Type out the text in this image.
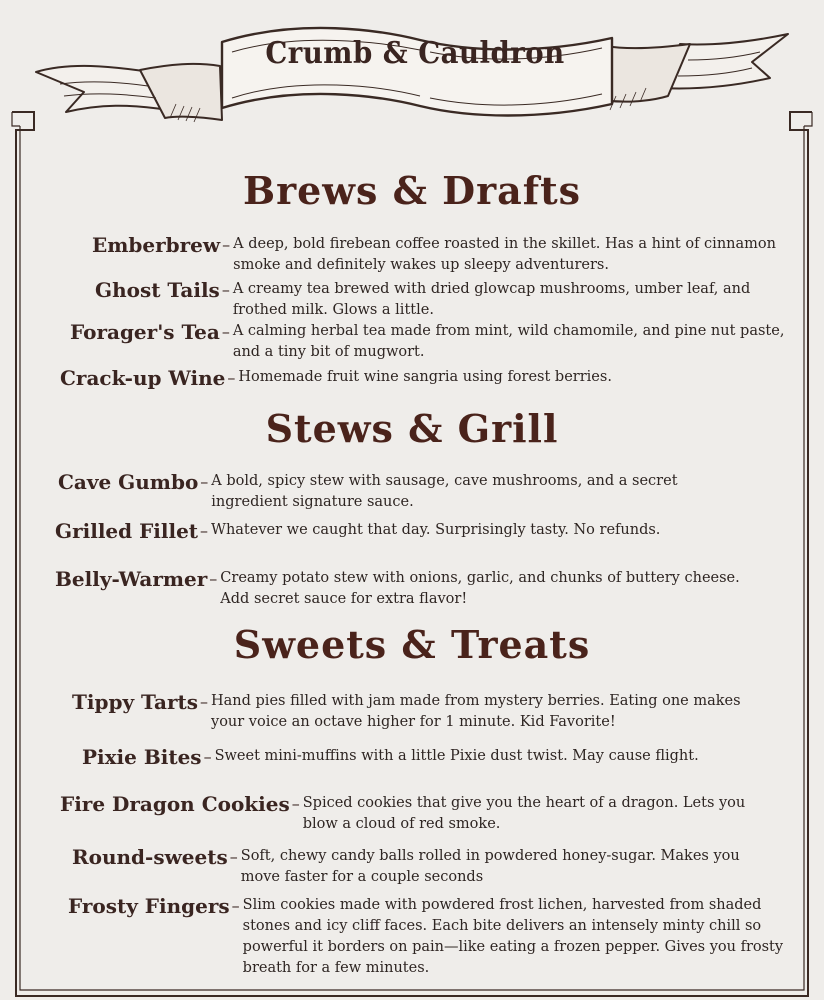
Crumb & Cauldron
Brews & Drafts
Emberbrew – A deep, bold firebean coffee roasted in the skillet. Has a hint of cinnamon smoke and definitely wakes up sleepy adventurers.
Ghost Tails – A creamy tea brewed with dried glowcap mushrooms, umber leaf, and frothed milk. Glows a little.
Forager's Tea – A calming herbal tea made from mint, wild chamomile, and pine nut paste, and a tiny bit of mugwort.
Crack-up Wine – Homemade fruit wine sangria using forest berries.
Stews & Grill
Cave Gumbo – A bold, spicy stew with sausage, cave mushrooms, and a secret ingredient signature sauce.
Grilled Fillet – Whatever we caught that day. Surprisingly tasty. No refunds.
Belly-Warmer – Creamy potato stew with onions, garlic, and chunks of buttery cheese. Add secret sauce for extra flavor!
Sweets & Treats
Tippy Tarts – Hand pies filled with jam made from mystery berries. Eating one makes your voice an octave higher for 1 minute. Kid Favorite!
Pixie Bites – Sweet mini-muffins with a little Pixie dust twist. May cause flight.
Fire Dragon Cookies – Spiced cookies that give you the heart of a dragon. Lets you blow a cloud of red smoke.
Round-sweets – Soft, chewy candy balls rolled in powdered honey-sugar. Makes you move faster for a couple seconds
Frosty Fingers – Slim cookies made with powdered frost lichen, harvested from shaded stones and icy cliff faces. Each bite delivers an intensely minty chill so powerful it borders on pain—like eating a frozen pepper. Gives you frosty breath for a few minutes.
